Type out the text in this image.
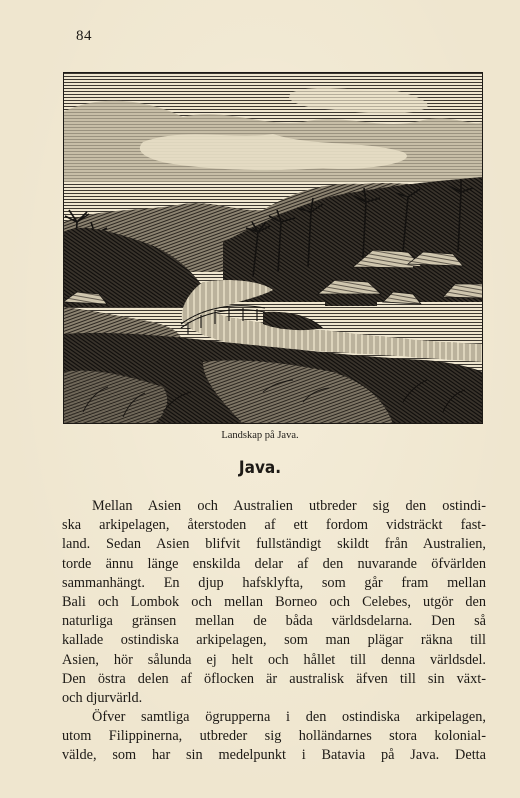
84
Landskap på Java.
Java.
Mellan Asien och Australien utbreder sig den ostindi-
ska arkipelagen, återstoden af ett fordom vidsträckt fast-
land. Sedan Asien blifvit fullständigt skildt från Australien,
torde ännu länge enskilda delar af den nuvarande öfvärlden
sammanhängt. En djup hafsklyfta, som går fram mellan
Bali och Lombok och mellan Borneo och Celebes, utgör den
naturliga gränsen mellan de båda världsdelarna. Den så
kallade ostindiska arkipelagen, som man plägar räkna till
Asien, hör sålunda ej helt och hållet till denna världsdel.
Den östra delen af öflocken är australisk äfven till sin växt-
och djurvärld.
Öfver samtliga ögrupperna i den ostindiska arkipelagen,
utom Filippinerna, utbreder sig holländarnes stora kolonial-
välde, som har sin medelpunkt i Batavia på Java. Detta
